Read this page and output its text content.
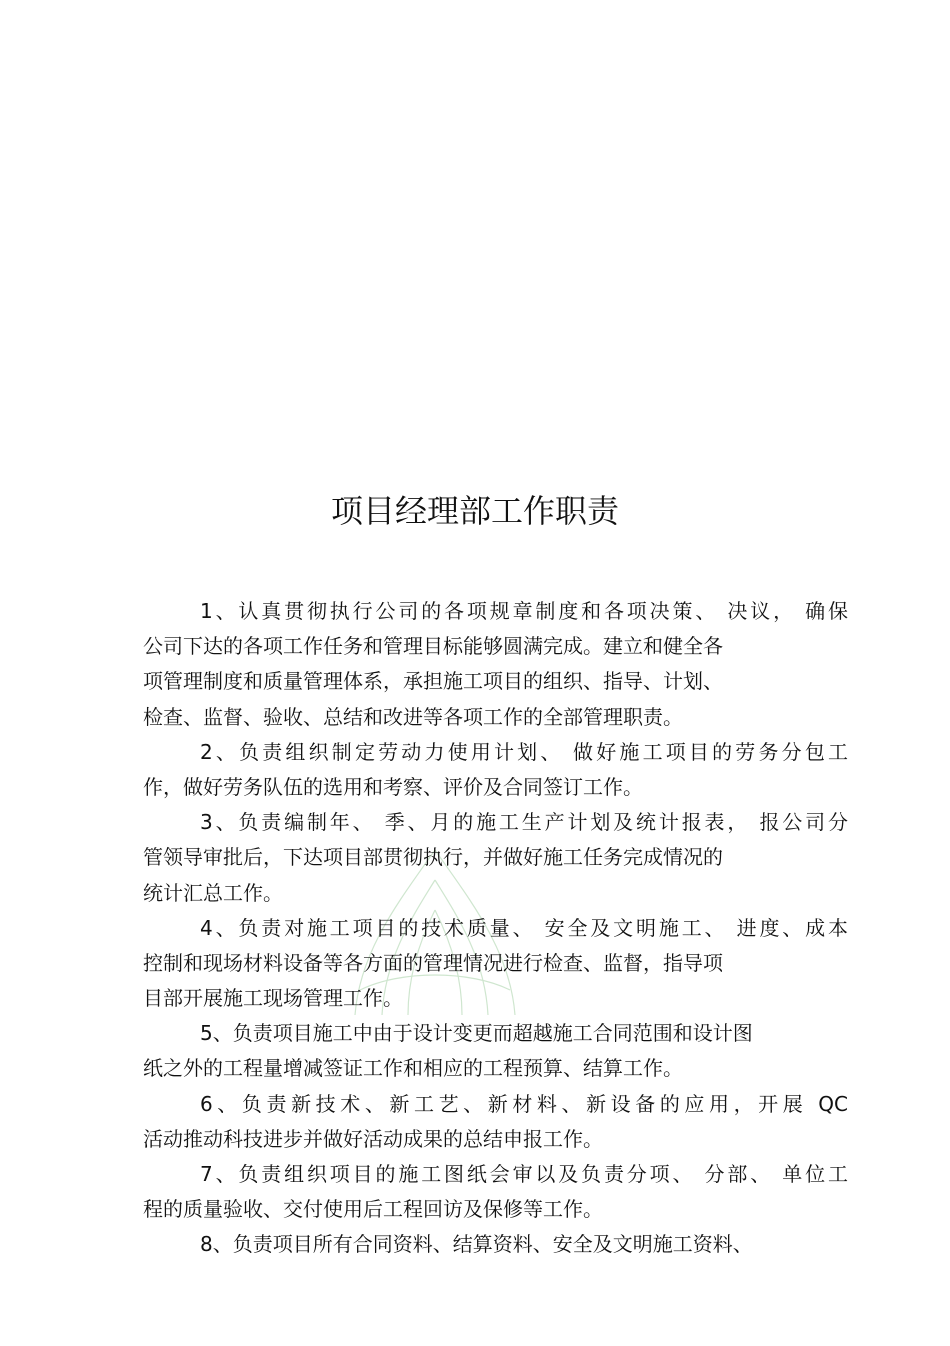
项目经理部工作职责
1、认真贯彻执行公司的各项规章制度和各项决策、 决议， 确保
公司下达的各项工作任务和管理目标能够圆满完成。建立和健全各
项管理制度和质量管理体系，承担施工项目的组织、指导、计划、
检查、监督、验收、总结和改进等各项工作的全部管理职责。
2、负责组织制定劳动力使用计划、 做好施工项目的劳务分包工
作，做好劳务队伍的选用和考察、评价及合同签订工作。
3、负责编制年、 季、月的施工生产计划及统计报表， 报公司分
管领导审批后，下达项目部贯彻执行，并做好施工任务完成情况的
统计汇总工作。
4、负责对施工项目的技术质量、 安全及文明施工、 进度、成本
控制和现场材料设备等各方面的管理情况进行检查、监督，指导项
目部开展施工现场管理工作。
5、负责项目施工中由于设计变更而超越施工合同范围和设计图
纸之外的工程量增减签证工作和相应的工程预算、结算工作。
6、负责新技术、新工艺、新材料、新设备的应用，开展 QC
活动推动科技进步并做好活动成果的总结申报工作。
7、负责组织项目的施工图纸会审以及负责分项、 分部、 单位工
程的质量验收、交付使用后工程回访及保修等工作。
8、负责项目所有合同资料、结算资料、安全及文明施工资料、
